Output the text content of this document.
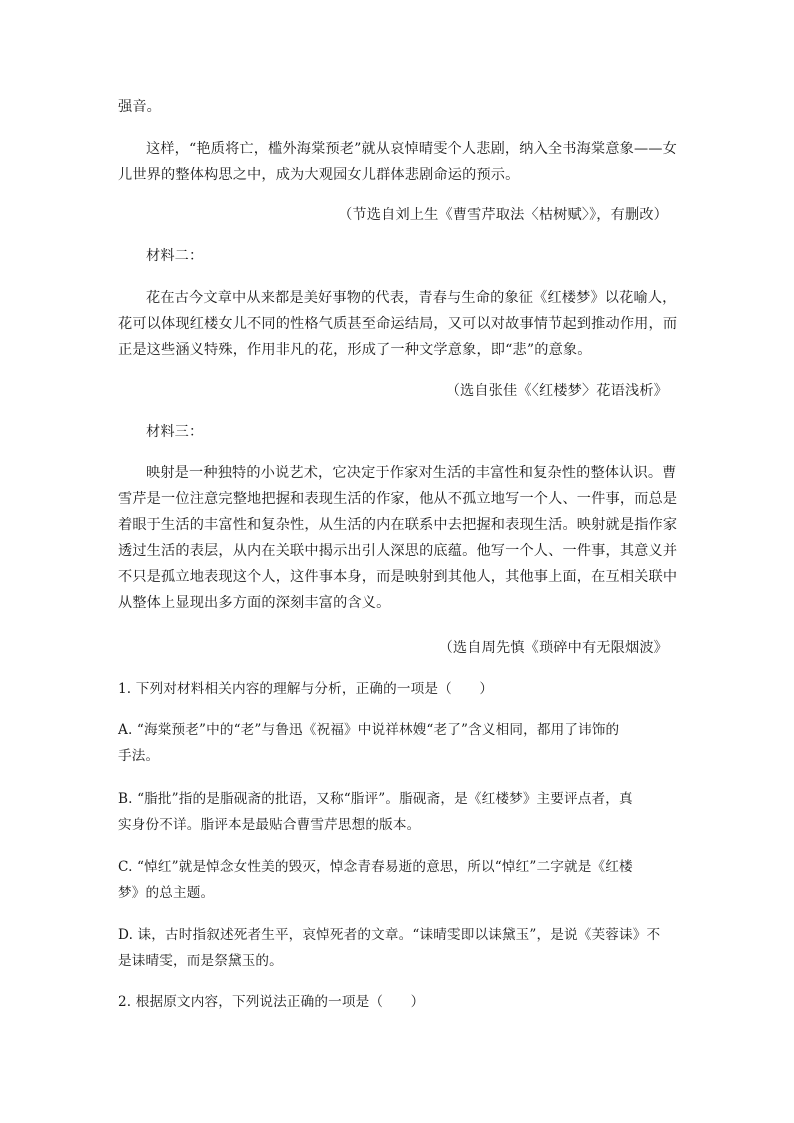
强音。
这样，“艳质将亡，槛外海棠预老”就从哀悼晴雯个人悲剧，纳入全书海棠意象——女
儿世界的整体构思之中，成为大观园女儿群体悲剧命运的预示。
（节选自刘上生《曹雪芹取法〈枯树赋〉》，有删改）
材料二：
花在古今文章中从来都是美好事物的代表，青春与生命的象征《红楼梦》以花喻人，
花可以体现红楼女儿不同的性格气质甚至命运结局，又可以对故事情节起到推动作用，而
正是这些涵义特殊，作用非凡的花，形成了一种文学意象，即“悲”的意象。
（选自张佳《〈红楼梦〉花语浅析》
材料三：
映射是一种独特的小说艺术，它决定于作家对生活的丰富性和复杂性的整体认识。曹
雪芹是一位注意完整地把握和表现生活的作家，他从不孤立地写一个人、一件事，而总是
着眼于生活的丰富性和复杂性，从生活的内在联系中去把握和表现生活。映射就是指作家
透过生活的表层，从内在关联中揭示出引人深思的底蕴。他写一个人、一件事，其意义并
不只是孤立地表现这个人，这件事本身，而是映射到其他人，其他事上面，在互相关联中
从整体上显现出多方面的深刻丰富的含义。
（选自周先慎《琐碎中有无限烟波》
1. 下列对材料相关内容的理解与分析，正确的一项是（　　）
A. “海棠预老”中的“老”与鲁迅《祝福》中说祥林嫂“老了”含义相同，都用了讳饰的
手法。
B. “脂批”指的是脂砚斋的批语，又称“脂评”。脂砚斋，是《红楼梦》主要评点者，真
实身份不详。脂评本是最贴合曹雪芹思想的版本。
C. “悼红”就是悼念女性美的毁灭，悼念青春易逝的意思，所以“悼红”二字就是《红楼
梦》的总主题。
D. 诔，古时指叙述死者生平，哀悼死者的文章。“诔晴雯即以诔黛玉”，是说《芙蓉诔》不
是诔晴雯，而是祭黛玉的。
2. 根据原文内容，下列说法正确的一项是（　　）
